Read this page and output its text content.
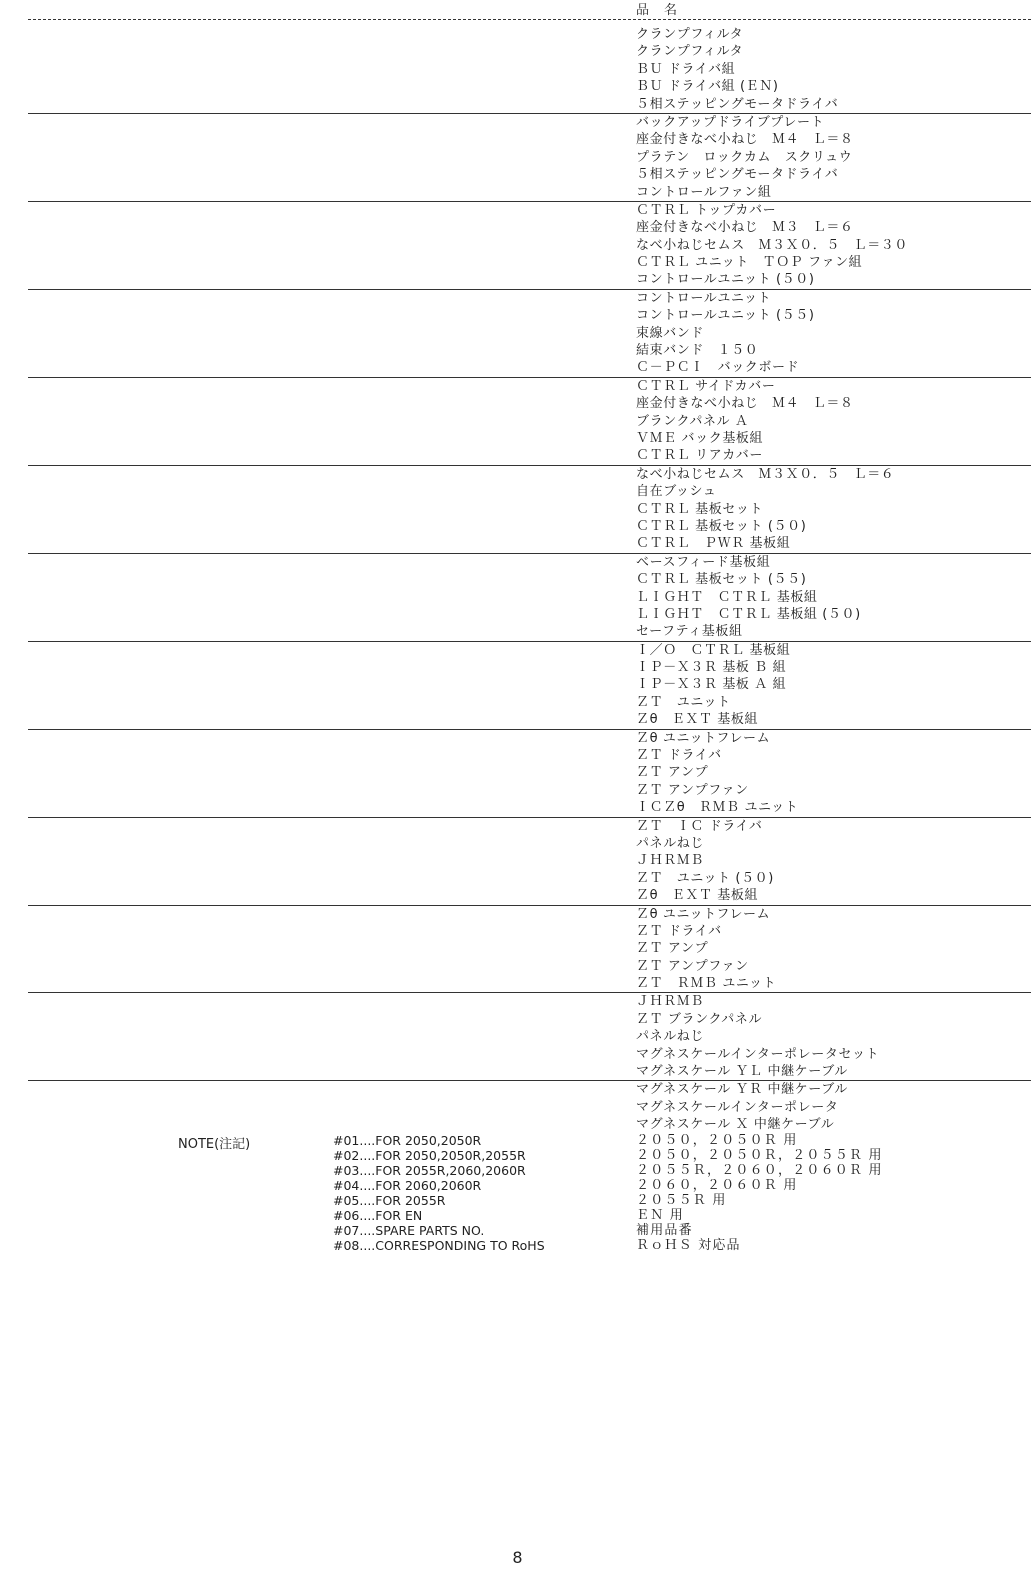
品　名
クランプフィルタ
クランプフィルタ
ＢＵ ドライバ組
ＢＵ ドライバ組 (ＥＮ)
５相ステッピングモータドライバ
バックアップドライブプレート
座金付きなべ小ねじ　Ｍ４　Ｌ＝８
プラテン　ロックカム　スクリュウ
５相ステッピングモータドライバ
コントロールファン組
ＣＴＲＬ トップカバー
座金付きなべ小ねじ　Ｍ３　Ｌ＝６
なべ小ねじセムス　Ｍ３Ｘ０．５　Ｌ＝３０
ＣＴＲＬ ユニット　ＴＯＰ ファン組
コントロールユニット (５０)
コントロールユニット
コントロールユニット (５５)
束線バンド
結束バンド　１５０
Ｃ－ＰＣＩ　バックボード
ＣＴＲＬ サイドカバー
座金付きなべ小ねじ　Ｍ４　Ｌ＝８
ブランクパネル Ａ
ＶＭＥ バック基板組
ＣＴＲＬ リアカバー
なべ小ねじセムス　Ｍ３Ｘ０．５　Ｌ＝６
自在ブッシュ
ＣＴＲＬ 基板セット
ＣＴＲＬ 基板セット (５０)
ＣＴＲＬ　ＰＷＲ 基板組
ベースフィード基板組
ＣＴＲＬ 基板セット (５５)
ＬＩＧＨＴ　ＣＴＲＬ 基板組
ＬＩＧＨＴ　ＣＴＲＬ 基板組 (５０)
セーフティ基板組
Ｉ／Ｏ　ＣＴＲＬ 基板組
ＩＰ－Ｘ３Ｒ 基板 Ｂ 組
ＩＰ－Ｘ３Ｒ 基板 Ａ 組
ＺＴ　ユニット
Ｚθ　ＥＸＴ 基板組
Ｚθ ユニットフレーム
ＺＴ ドライバ
ＺＴ アンプ
ＺＴ アンプファン
ＩＣＺθ　ＲＭＢ ユニット
ＺＴ　ＩＣ ドライバ
パネルねじ
ＪＨＲＭＢ
ＺＴ　ユニット (５０)
Ｚθ　ＥＸＴ 基板組
Ｚθ ユニットフレーム
ＺＴ ドライバ
ＺＴ アンプ
ＺＴ アンプファン
ＺＴ　ＲＭＢ ユニット
ＪＨＲＭＢ
ＺＴ ブランクパネル
パネルねじ
マグネスケールインターポレータセット
マグネスケール ＹＬ 中継ケーブル
マグネスケール ＹＲ 中継ケーブル
マグネスケールインターポレータ
マグネスケール Ｘ 中継ケーブル
NOTE(注記)	#01....FOR 2050,2050R	２０５０，２０５０Ｒ 用
#02....FOR 2050,2050R,2055R	２０５０，２０５０Ｒ，２０５５Ｒ 用
#03....FOR 2055R,2060,2060R	２０５５Ｒ，２０６０，２０６０Ｒ 用
#04....FOR 2060,2060R	２０６０，２０６０Ｒ 用
#05....FOR 2055R	２０５５Ｒ 用
#06....FOR EN	ＥＮ 用
#07....SPARE PARTS NO.	補用品番
#08....CORRESPONDING TO RoHS	ＲｏＨＳ 対応品
8
